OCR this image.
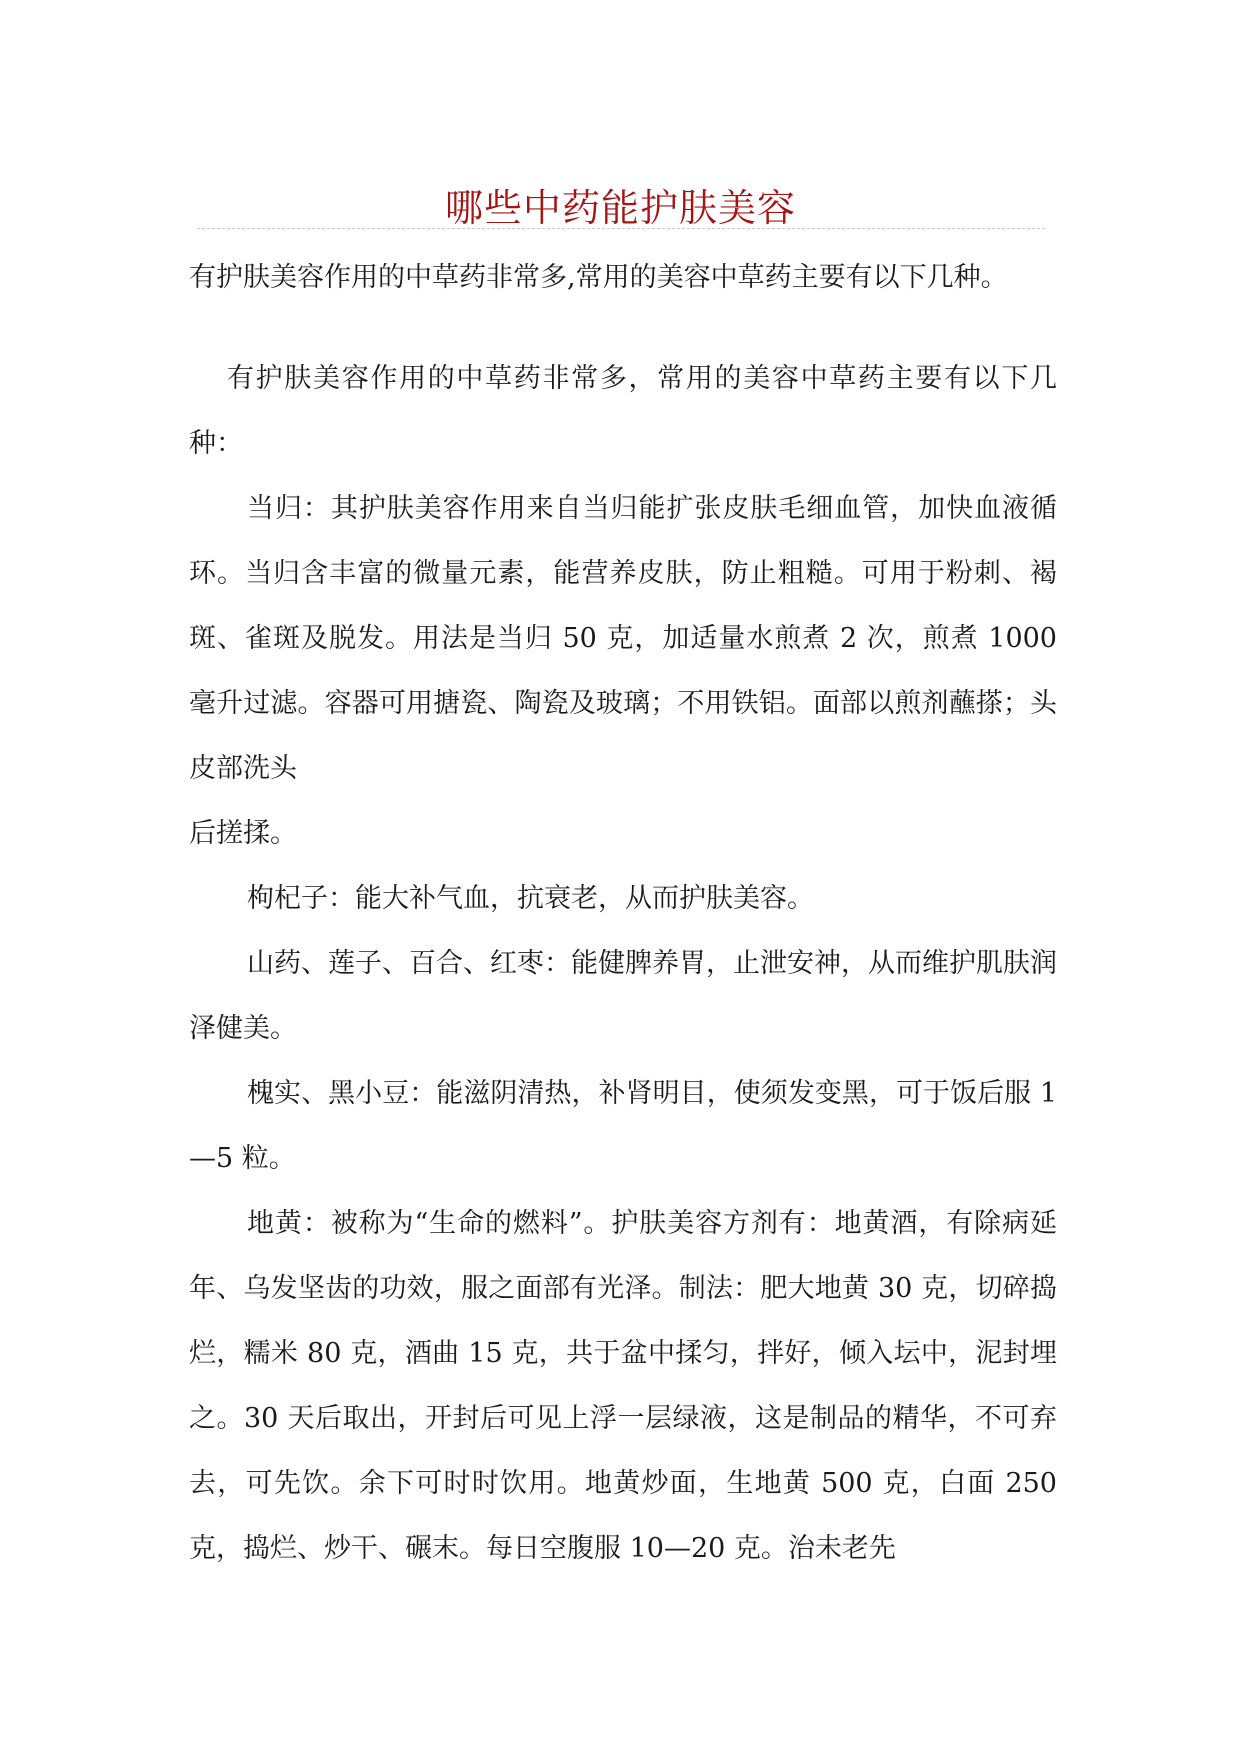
哪些中药能护肤美容
有护肤美容作用的中草药非常多,常用的美容中草药主要有以下几种。

有护肤美容作用的中草药非常多，常用的美容中草药主要有以下几种：

当归：其护肤美容作用来自当归能扩张皮肤毛细血管，加快血液循环。当归含丰富的微量元素，能营养皮肤，防止粗糙。可用于粉刺、褐斑、雀斑及脱发。用法是当归 50 克，加适量水煎煮 2 次，煎煮 1000 毫升过滤。容器可用搪瓷、陶瓷及玻璃；不用铁铝。面部以煎剂蘸搽；头皮部洗头

后搓揉。

枸杞子：能大补气血，抗衰老，从而护肤美容。

山药、莲子、百合、红枣：能健脾养胃，止泄安神，从而维护肌肤润泽健美。

槐实、黑小豆：能滋阴清热，补肾明目，使须发变黑，可于饭后服 1—5 粒。

地黄：被称为“生命的燃料”。护肤美容方剂有：地黄酒，有除病延年、乌发坚齿的功效，服之面部有光泽。制法：肥大地黄 30 克，切碎捣烂，糯米 80 克，酒曲 15 克，共于盆中揉匀，拌好，倾入坛中，泥封埋之。30 天后取出，开封后可见上浮一层绿液，这是制品的精华，不可弃去，可先饮。余下可时时饮用。地黄炒面，生地黄 500 克，白面 250 克，捣烂、炒干、碾末。每日空腹服 10—20 克。治未老先
